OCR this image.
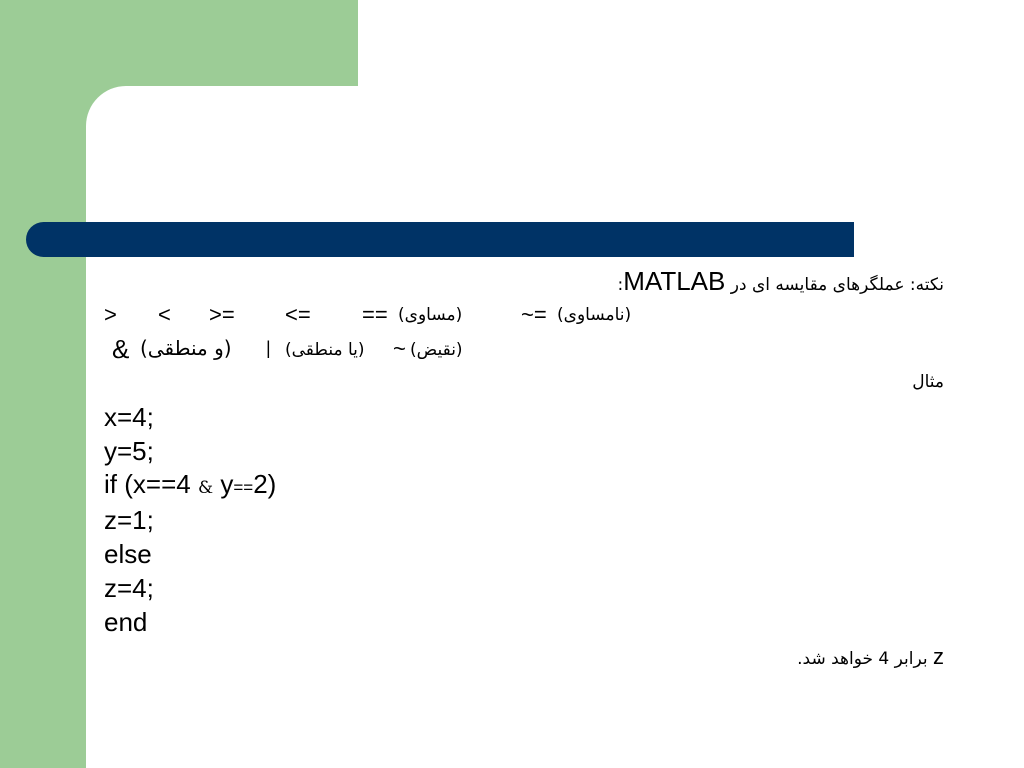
نکته: عملگرهای مقایسه ای در MATLAB:
> < >= <= == (مساوی)	~= (نامساوی)
& (و منطقی) | (یا منطقی) ~ (نقیض)
مثال
x=4;
y=5;
if (x==4 & y==2)
z=1;
else
z=4;
end
z برابر 4 خواهد شد.
